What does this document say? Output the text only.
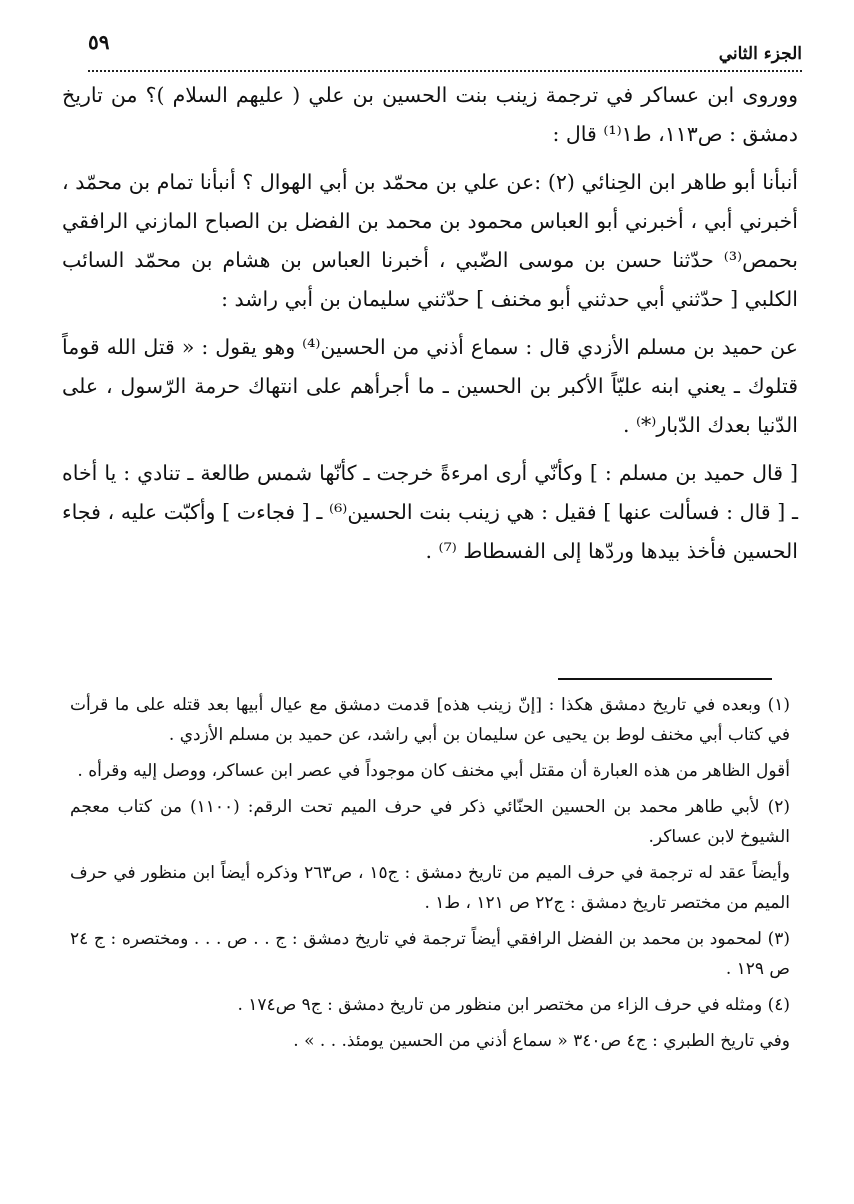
٥٩	الجزء الثاني

ووروى ابن عساكر في ترجمة زينب بنت الحسين بن علي ( عليهم السلام )؟ من تاريخ دمشق : ص١١٣، ط١⁽¹⁾ قال :

أنبأنا أبو طاهر ابن الحِنائي (٢) :عن علي بن محمّد بن أبي الهوال ؟ أنبأنا تمام بن محمّد ، أخبرني أبي ، أخبرني أبو العباس محمود بن محمد بن الفضل بن الصباح المازني الرافقي بحمص⁽³⁾ حدّثنا حسن بن موسى الضّبي ، أخبرنا العباس بن هشام بن محمّد السائب الكلبي [ حدّثني أبي حدثني أبو مخنف ] حدّثني سليمان بن أبي راشد :

عن حميد بن مسلم الأزدي قال : سماع أذني من الحسين⁽⁴⁾ وهو يقول : « قتل الله قوماً قتلوك ـ يعني ابنه عليّاً الأكبر بن الحسين ـ ما أجرأهم على انتهاك حرمة الرّسول ، على الدّنيا بعدك الدّبار⁽*⁾ .

[ قال حميد بن مسلم : ] وكأنّي أرى امرءةً خرجت ـ كأنّها شمس طالعة ـ تنادي : يا أخاه ـ [ قال : فسألت عنها ] فقيل : هي زينب بنت الحسين⁽⁶⁾ ـ [ فجاءت ] وأكبّت عليه ، فجاء الحسين فأخذ بيدها وردّها إلى الفسطاط ⁽⁷⁾ .

(١) وبعده في تاريخ دمشق هكذا : [إنّ زينب هذه] قدمت دمشق مع عيال أبيها بعد قتله على ما قرأت في كتاب أبي مخنف لوط بن يحيى عن سليمان بن أبي راشد، عن حميد بن مسلم الأزدي .

أقول الظاهر من هذه العبارة أن مقتل أبي مخنف كان موجوداً في عصر ابن عساكر، ووصل إليه وقرأه .

(٢) لأبي طاهر محمد بن الحسين الحنّائي ذكر في حرف الميم تحت الرقم: (١١٠٠) من كتاب معجم الشيوخ لابن عساكر.

وأيضاً عقد له ترجمة في حرف الميم من تاريخ دمشق : ج١٥ ، ص٢٦٣ وذكره أيضاً ابن منظور في حرف الميم من مختصر تاريخ دمشق : ج٢٢ ص ١٢١ ، ط١ .

(٣) لمحمود بن محمد بن الفضل الرافقي أيضاً ترجمة في تاريخ دمشق : ج . . ص . . . ومختصره : ج ٢٤ ص ١٢٩ .

(٤) ومثله في حرف الزاء من مختصر ابن منظور من تاريخ دمشق : ج٩ ص١٧٤ .

وفي تاريخ الطبري : ج٤ ص٣٤٠ « سماع أذني من الحسين يومئذ. . . » .
